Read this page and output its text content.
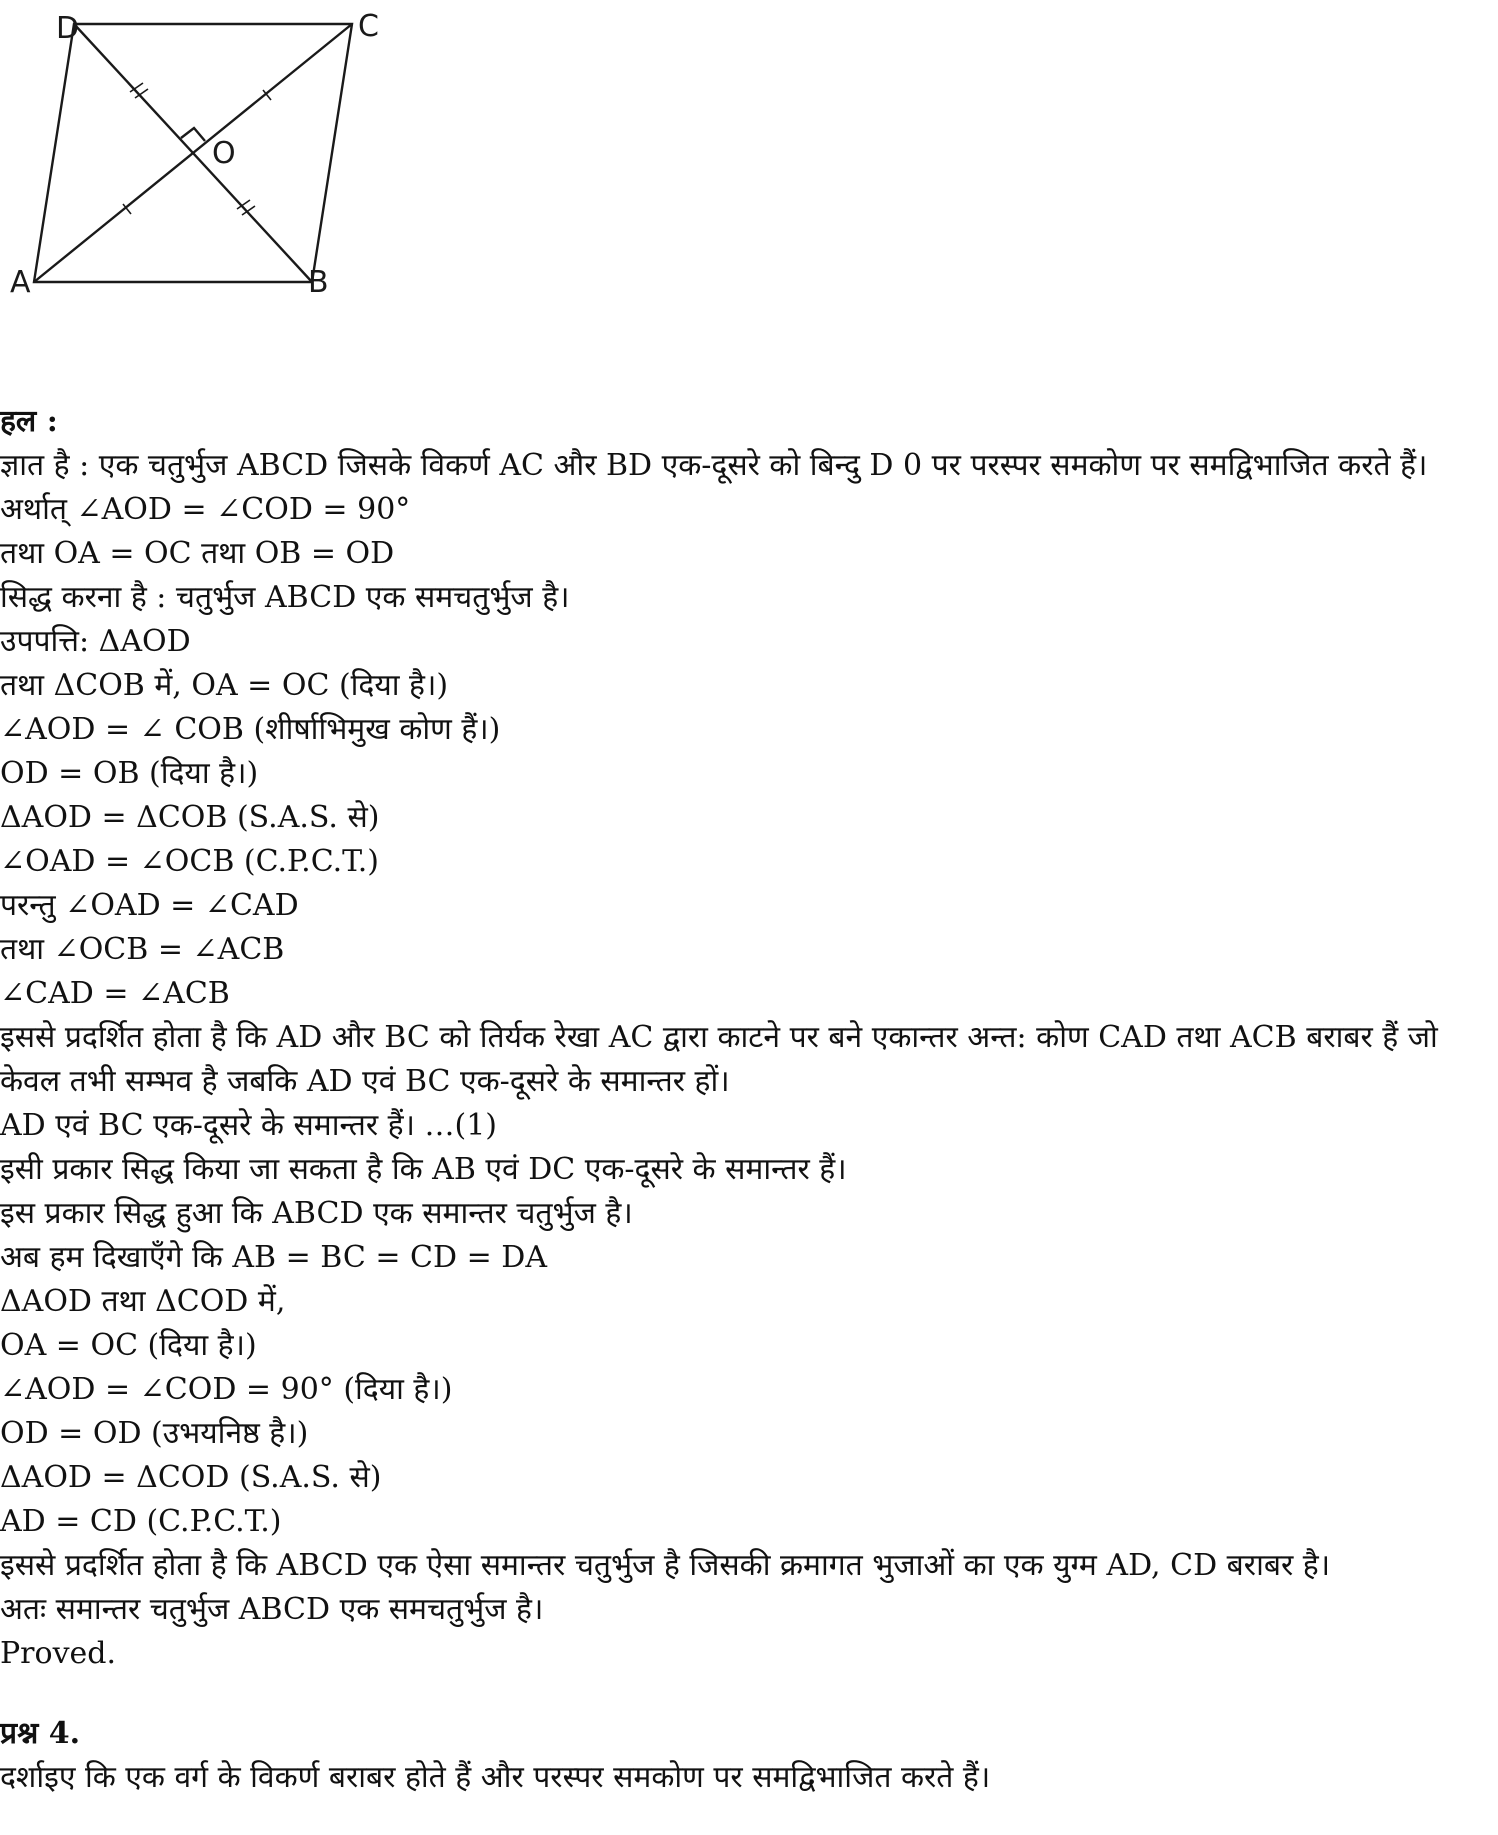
D	C
O
A	B

हल :

ज्ञात है : एक चतुर्भुज ABCD जिसके विकर्ण AC और BD एक-दूसरे को बिन्दु D 0 पर परस्पर समकोण पर समद्विभाजित करते हैं।

अर्थात् ∠AOD = ∠COD = 90°

तथा OA = OC तथा OB = OD

सिद्ध करना है : चतुर्भुज ABCD एक समचतुर्भुज है।

उपपत्ति: ΔAOD

तथा ΔCOB में, OA = OC (दिया है।)

∠AOD = ∠ COB (शीर्षाभिमुख कोण हैं।)

OD = OB (दिया है।)

ΔAOD = ΔCOB (S.A.S. से)

∠OAD = ∠OCB (C.P.C.T.)

परन्तु ∠OAD = ∠CAD

तथा ∠OCB = ∠ACB

∠CAD = ∠ACB

इससे प्रदर्शित होता है कि AD और BC को तिर्यक रेखा AC द्वारा काटने पर बने एकान्तर अन्त: कोण CAD तथा ACB बराबर हैं जो केवल तभी सम्भव है जबकि AD एवं BC एक-दूसरे के समान्तर हों।

AD एवं BC एक-दूसरे के समान्तर हैं। …(1)

इसी प्रकार सिद्ध किया जा सकता है कि AB एवं DC एक-दूसरे के समान्तर हैं।

इस प्रकार सिद्ध हुआ कि ABCD एक समान्तर चतुर्भुज है।

अब हम दिखाएँगे कि AB = BC = CD = DA

ΔAOD तथा ΔCOD में,

OA = OC (दिया है।)

∠AOD = ∠COD = 90° (दिया है।)

OD = OD (उभयनिष्ठ है।)

ΔAOD = ΔCOD (S.A.S. से)

AD = CD (C.P.C.T.)

इससे प्रदर्शित होता है कि ABCD एक ऐसा समान्तर चतुर्भुज है जिसकी क्रमागत भुजाओं का एक युग्म AD, CD बराबर है।

अतः समान्तर चतुर्भुज ABCD एक समचतुर्भुज है।

Proved.

प्रश्न 4.

दर्शाइए कि एक वर्ग के विकर्ण बराबर होते हैं और परस्पर समकोण पर समद्विभाजित करते हैं।
